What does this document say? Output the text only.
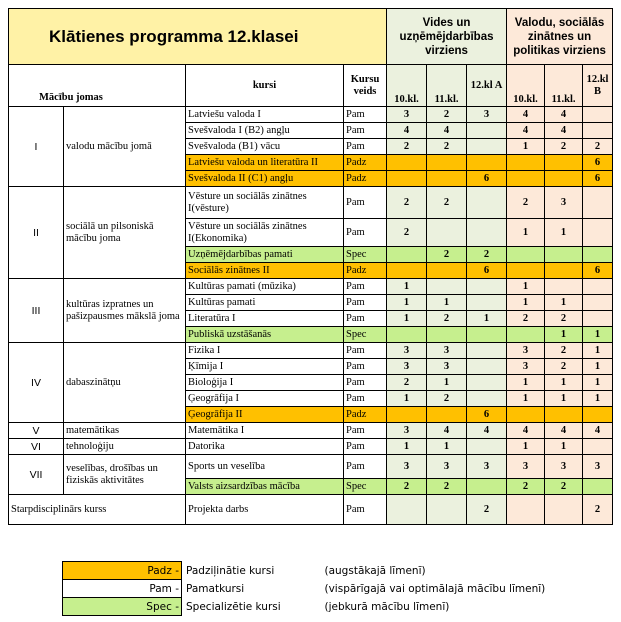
Klātienes programma 12.klasei				Vides un uzņēmējdarbības virziens			Valodu, sociālās zinātnes un politikas virziens		
Mācību jomas		kursi	Kursu veids	10.kl.	11.kl.	12.kl A	10.kl.	11.kl.	12.kl B
I	valodu mācību jomā	Latviešu valoda I	Pam	3	2	3	4	4	
		Svešvaloda I (B2) angļu	Pam	4	4		4	4	
		Svešvaloda (B1) vācu	Pam	2	2		1	2	2
		Latviešu valoda un literatūra II	Padz						6
		Svešvaloda II (C1) angļu	Padz			6			6
II	sociālā un pilsoniskā mācību joma	Vēsture un sociālās zinātnes I(vēsture)	Pam	2	2		2	3	
		Vēsture un sociālās zinātnes I(Ekonomika)	Pam	2			1	1	
		Uzņēmējdarbības pamati	Spec		2	2			
		Sociālās zinātnes II	Padz			6			6
III	kultūras izpratnes un pašizpausmes mākslā joma	Kultūras pamati (mūzika)	Pam	1			1		
		Kultūras pamati	Pam	1	1		1	1	
		Literatūra I	Pam	1	2	1	2	2	
		Publiskā uzstāšanās	Spec					1	1
IV	dabaszinātņu	Fizika I	Pam	3	3		3	2	1
		Ķīmija I	Pam	3	3		3	2	1
		Bioloģija I	Pam	2	1		1	1	1
		Ģeogrāfija I	Pam	1	2		1	1	1
		Ģeogrāfija II	Padz			6			
V	matemātikas	Matemātika I	Pam	3	4	4	4	4	4
VI	tehnoloģiju	Datorika	Pam	1	1		1	1	
VII	veselības, drošības un fiziskās aktivitātes	Sports un veselība	Pam	3	3	3	3	3	3
		Valsts aizsardzības mācība	Spec	2	2		2	2	
Starpdisciplinārs kurss		Projekta darbs	Pam			2			2
Padz -	Padziļinātie kursi	(augstākajā līmenī)
Pam -	Pamatkursi	(vispārīgajā vai optimālajā mācību līmenī)
Spec -	Specializētie kursi	(jebkurā mācību līmenī)
